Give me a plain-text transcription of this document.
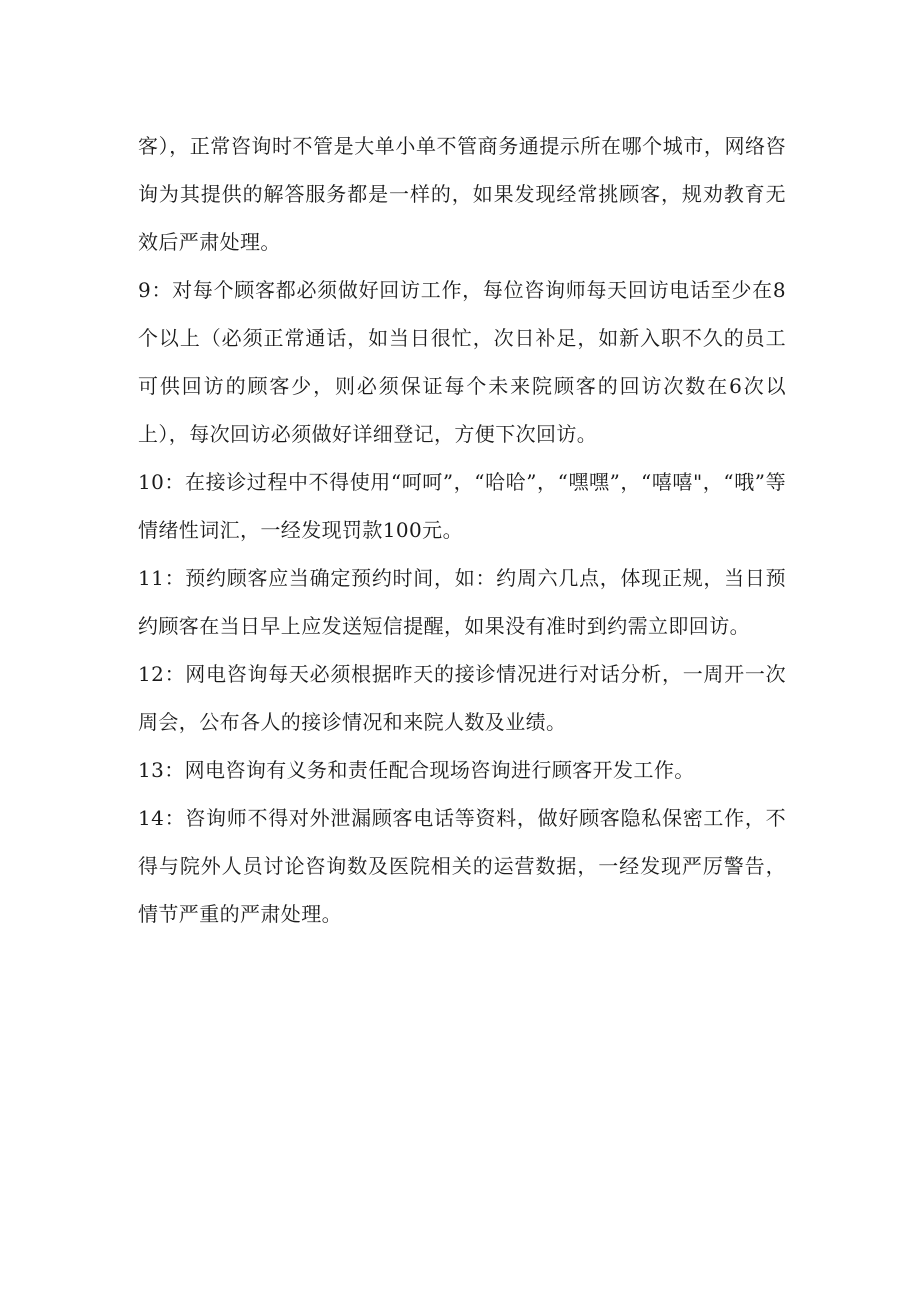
客），正常咨询时不管是大单小单不管商务通提示所在哪个城市，网络咨询为其提供的解答服务都是一样的，如果发现经常挑顾客，规劝教育无效后严肃处理。

9：对每个顾客都必须做好回访工作，每位咨询师每天回访电话至少在8个以上（必须正常通话，如当日很忙，次日补足，如新入职不久的员工可供回访的顾客少，则必须保证每个未来院顾客的回访次数在6次以上），每次回访必须做好详细登记，方便下次回访。

10：在接诊过程中不得使用“呵呵”，“哈哈”，“嘿嘿”，“嘻嘻"，“哦”等情绪性词汇，一经发现罚款100元。

11：预约顾客应当确定预约时间，如：约周六几点，体现正规，当日预约顾客在当日早上应发送短信提醒，如果没有准时到约需立即回访。

12：网电咨询每天必须根据昨天的接诊情况进行对话分析，一周开一次周会，公布各人的接诊情况和来院人数及业绩。

13：网电咨询有义务和责任配合现场咨询进行顾客开发工作。

14：咨询师不得对外泄漏顾客电话等资料，做好顾客隐私保密工作，不得与院外人员讨论咨询数及医院相关的运营数据，一经发现严厉警告，情节严重的严肃处理。
